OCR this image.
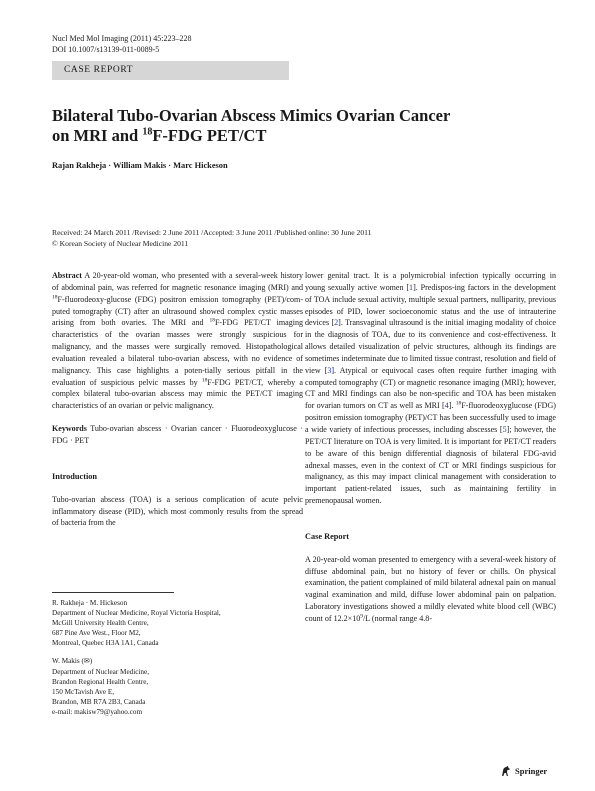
Nucl Med Mol Imaging (2011) 45:223–228
DOI 10.1007/s13139-011-0089-5
CASE REPORT
Bilateral Tubo-Ovarian Abscess Mimics Ovarian Cancer
on MRI and $^{18}$F-FDG PET/CT
Rajan Rakheja · William Makis · Marc Hickeson
Received: 24 March 2011 /Revised: 2 June 2011 /Accepted: 3 June 2011 /Published online: 30 June 2011
© Korean Society of Nuclear Medicine 2011

Abstract A 20-year-old woman, who presented with a several-week history of abdominal pain, was referred for magnetic resonance imaging (MRI) and $^{18}$F-fluorodeoxy-glucose (FDG) positron emission tomography (PET)/com-puted tomography (CT) after an ultrasound showed complex cystic masses arising from both ovaries. The MRI and $^{18}$F-FDG PET/CT imaging characteristics of the ovarian masses were strongly suspicious for malignancy, and the masses were surgically removed. Histopathological evaluation revealed a bilateral tubo-ovarian abscess, with no evidence of malignancy. This case highlights a poten-tially serious pitfall in the evaluation of suspicious pelvic masses by $^{18}$F-FDG PET/CT, whereby a complex bilateral tubo-ovarian abscess may mimic the PET/CT imaging characteristics of an ovarian or pelvic malignancy.

Keywords Tubo-ovarian abscess · Ovarian cancer · Fluorodeoxyglucose · FDG · PET

Introduction

Tubo-ovarian abscess (TOA) is a serious complication of acute pelvic inflammatory disease (PID), which most commonly results from the spread of bacteria from the

R. Rakheja · M. Hickeson

Department of Nuclear Medicine, Royal Victoria Hospital,

McGill University Health Centre,

687 Pine Ave West., Floor M2,

Montreal, Quebec H3A 1A1, Canada

W. Makis (✉)

Department of Nuclear Medicine,

Brandon Regional Health Centre,

150 McTavish Ave E,

Brandon, MB R7A 2B3, Canada

e-mail: makisw79@yahoo.com

lower genital tract. It is a polymicrobial infection typically occurring in young sexually active women [1]. Predispos-ing factors in the development of TOA include sexual activity, multiple sexual partners, nulliparity, previous episodes of PID, lower socioeconomic status and the use of intrauterine devices [2]. Transvaginal ultrasound is the initial imaging modality of choice in the diagnosis of TOA, due to its convenience and cost-effectiveness. It allows detailed visualization of pelvic structures, although its findings are sometimes indeterminate due to limited tissue contrast, resolution and field of view [3]. Atypical or equivocal cases often require further imaging with computed tomography (CT) or magnetic resonance imaging (MRI); however, CT and MRI findings can also be non-specific and TOA has been mistaken for ovarian tumors on CT as well as MRI [4]. $^{18}$F-fluorodeoxyglucose (FDG) positron emission tomography (PET)/CT has been successfully used to image a wide variety of infectious processes, including abscesses [5]; however, the PET/CT literature on TOA is very limited. It is important for PET/CT readers to be aware of this benign differential diagnosis of bilateral FDG-avid adnexal masses, even in the context of CT or MRI findings suspicious for malignancy, as this may impact clinical management with consideration to important patient-related issues, such as maintaining fertility in premenopausal women.

Case Report

A 20-year-old woman presented to emergency with a several-week history of diffuse abdominal pain, but no history of fever or chills. On physical examination, the patient complained of mild bilateral adnexal pain on manual vaginal examination and mild, diffuse lower abdominal pain on palpation. Laboratory investigations showed a mildly elevated white blood cell (WBC) count of $12.2\times 10^9/L$ (normal range 4.8-

Springer
